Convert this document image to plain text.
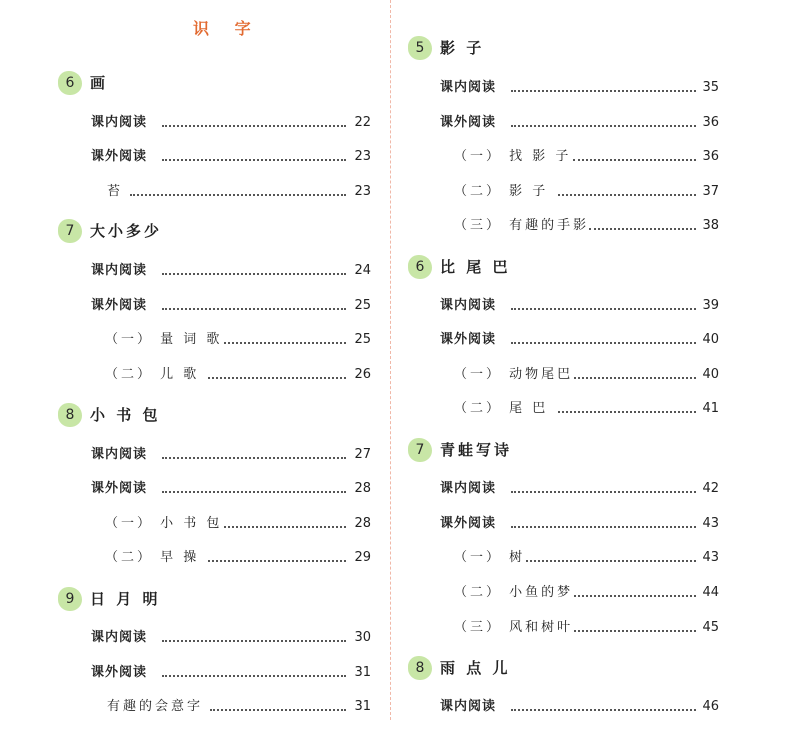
识 字
6	画
课内阅读	22
课外阅读	23
苔	23
7	大小多少
课内阅读	24
课外阅读	25
（一） 量 词 歌	25
（二） 儿 歌	26
8	小 书 包
课内阅读	27
课外阅读	28
（一） 小 书 包	28
（二） 早 操	29
9	日 月 明
课内阅读	30
课外阅读	31
有趣的会意字	31
5	影 子
课内阅读	35
课外阅读	36
（一） 找 影 子	36
（二） 影 子	37
（三） 有趣的手影	38
6	比 尾 巴
课内阅读	39
课外阅读	40
（一） 动物尾巴	40
（二） 尾 巴	41
7	青蛙写诗
课内阅读	42
课外阅读	43
（一） 树	43
（二） 小鱼的梦	44
（三） 风和树叶	45
8	雨 点 儿
课内阅读	46
